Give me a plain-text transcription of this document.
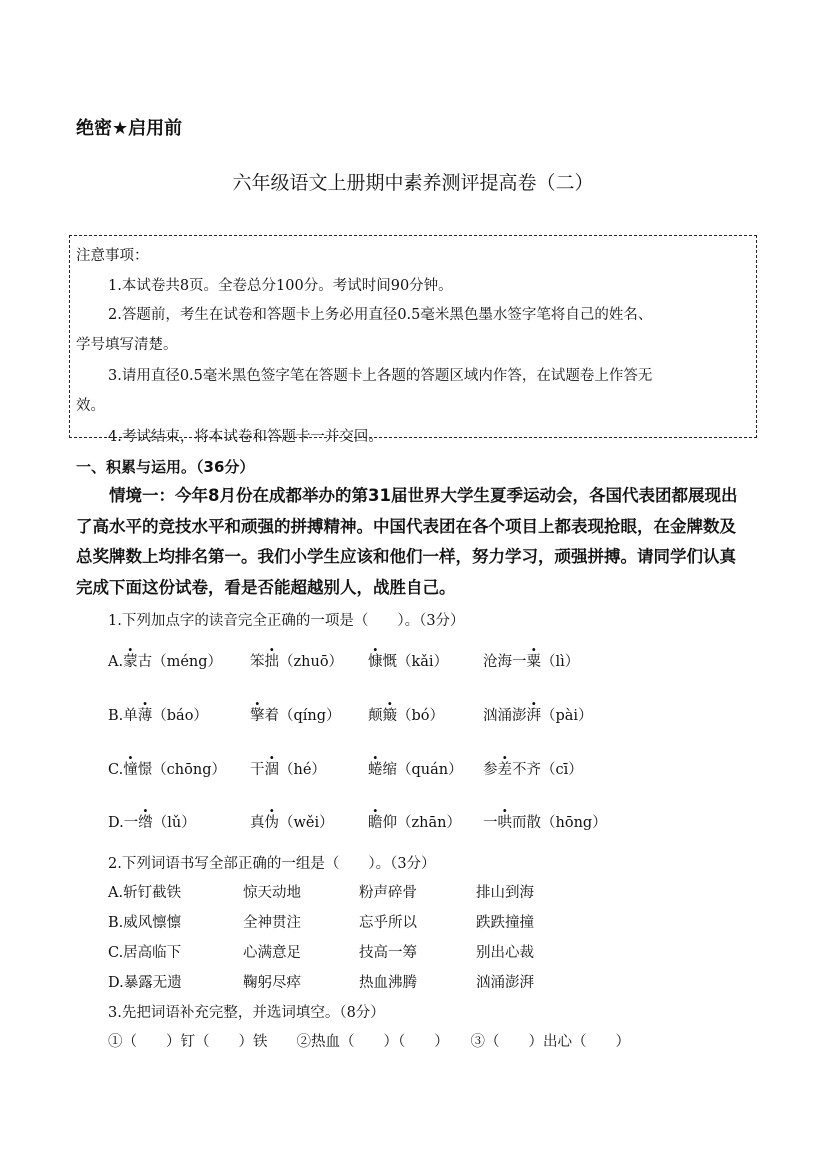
绝密★启用前
六年级语文上册期中素养测评提高卷（二）
注意事项：
1.本试卷共8页。全卷总分100分。考试时间90分钟。
2.答题前，考生在试卷和答题卡上务必用直径0.5毫米黑色墨水签字笔将自己的姓名、
学号填写清楚。
3.请用直径0.5毫米黑色签字笔在答题卡上各题的答题区域内作答，在试题卷上作答无
效。
4.考试结束，将本试卷和答题卡一并交回。
一、积累与运用。（36分）
情境一：今年8月份在成都举办的第31届世界大学生夏季运动会，各国代表团都展现出了高水平的竞技水平和顽强的拼搏精神。中国代表团在各个项目上都表现抢眼，在金牌数及总奖牌数上均排名第一。我们小学生应该和他们一样，努力学习，顽强拼搏。请同学们认真完成下面这份试卷，看是否能超越别人，战胜自己。
1.下列加点字的读音完全正确的一项是（　　）。（3分）
A.蒙古（méng） 笨拙（zhuō） 慷慨（kǎi） 沧海一粟（lì）
B.单薄（báo）	擎着（qíng） 颠簸（bó）	汹涌澎湃（pài）
C.憧憬（chōng） 干涸（hé）	蜷缩（quán） 参差不齐（cī）
D.一绺（lǔ）	真伪（wěi） 瞻仰（zhān） 一哄而散（hōng）
2.下列词语书写全部正确的一组是（　　）。（3分）
A.斩钉截铁	惊天动地	粉声碎骨	排山到海
B.威风懔懔	全神贯注	忘乎所以	跌跌撞撞
C.居高临下	心满意足	技高一筹	别出心裁
D.暴露无遗	鞠躬尽瘁	热血沸腾	汹涌澎湃
3.先把词语补充完整，并选词填空。（8分）
①（　　）钉（　　）铁　　②热血（　　）（　　）　　③（　　）出心（　　）
